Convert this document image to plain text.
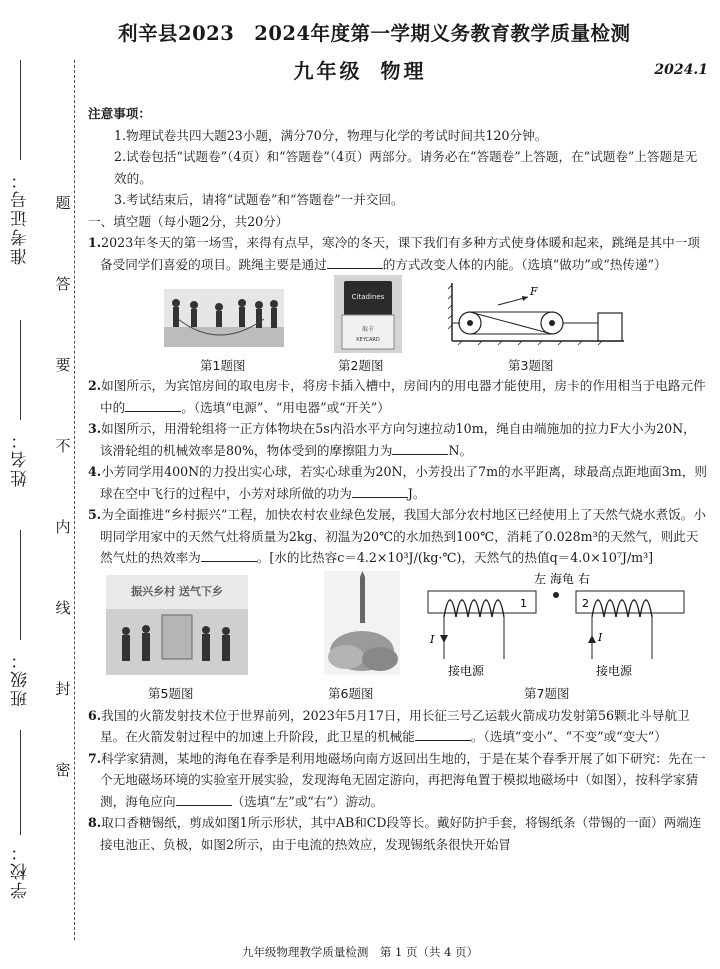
学校：
班级：
姓名：
准考证号： 题
答
要
不
内
线
封
密
利辛县2023　2024年度第一学期义务教育教学质量检测
九年级 物理	2024.1

注意事项：

1.物理试卷共四大题23小题，满分70分，物理与化学的考试时间共120分钟。

2.试卷包括“试题卷”（4页）和“答题卷”（4页）两部分。请务必在“答题卷”上答题，在“试题卷”上答题是无效的。

3.考试结束后，请将“试题卷”和“答题卷”一并交回。

一、填空题（每小题2分，共20分）

1.2023年冬天的第一场雪，来得有点早，寒冷的冬天，课下我们有多种方式使身体暖和起来，跳绳是其中一项备受同学们喜爱的项目。跳绳主要是通过	的方式改变人体的内能。（选填“做功”或“热传递”）

Citadines
取卡
KEYCARD
F
第1题图	第2题图	第3题图

2.如图所示，为宾馆房间的取电房卡，将房卡插入槽中，房间内的用电器才能使用，房卡的作用相当于电路元件中的	。（选填“电源”、“用电器”或“开关”）

3.如图所示，用滑轮组将一正方体物块在5s内沿水平方向匀速拉动10m，绳自由端施加的拉力F大小为20N，该滑轮组的机械效率是80%，物体受到的摩擦阻力为	N。

4.小芳同学用400N的力投出实心球，若实心球重为20N，小芳投出了7m的水平距离，球最高点距地面3m，则球在空中飞行的过程中，小芳对球所做的功为	J。

5.为全面推进“乡村振兴”工程，加快农村农业绿色发展，我国大部分农村地区已经使用上了天然气烧水煮饭。小明同学用家中的天然气灶将质量为2kg、初温为20℃的水加热到100℃，消耗了0.028m³的天然气，则此天然气灶的热效率为	。[水的比热容c＝4.2×10³J/(kg·℃)，天然气的热值q＝4.0×10⁷J/m³]

振兴乡村 送气下乡
左 海龟 右
1	2
I	I
接电源	接电源
第5题图	第6题图	第7题图

6.我国的火箭发射技术位于世界前列，2023年5月17日，用长征三号乙运载火箭成功发射第56颗北斗导航卫星。在火箭发射过程中的加速上升阶段，此卫星的机械能	。（选填“变小”、“不变”或“变大”）

7.科学家猜测，某地的海龟在春季是利用地磁场向南方返回出生地的，于是在某个春季开展了如下研究：先在一个无地磁场环境的实验室开展实验，发现海龟无固定游向，再把海龟置于模拟地磁场中（如图），按科学家猜测，海龟应向	（选填“左”或“右”）游动。

8.取口香糖锡纸，剪成如图1所示形状，其中AB和CD段等长。戴好防护手套，将锡纸条（带锡的一面）两端连接电池正、负极，如图2所示，由于电流的热效应，发现锡纸条很快开始冒

九年级物理教学质量检测　第 1 页（共 4 页）
